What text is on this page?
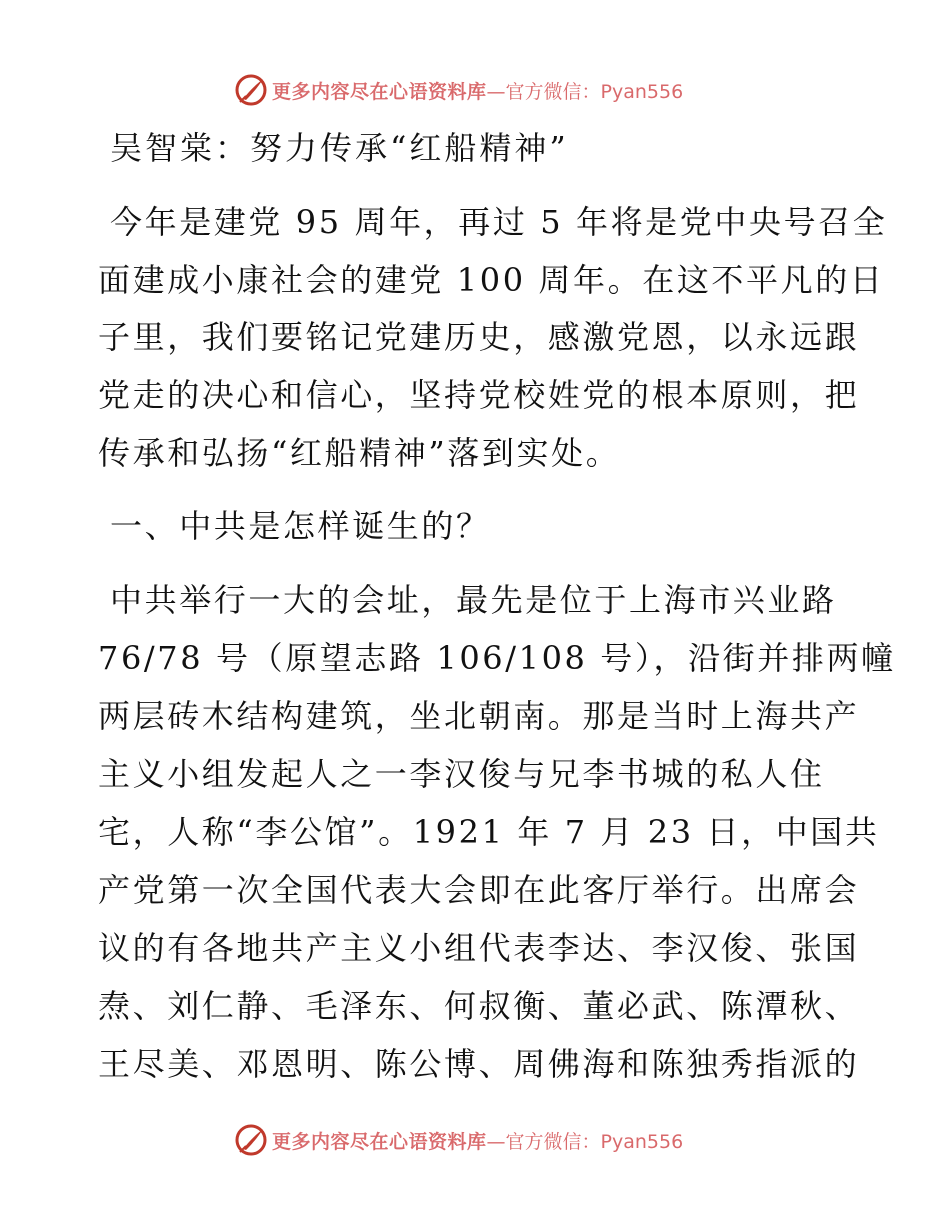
更多内容尽在心语资料库 —官方微信：Pyan556
吴智棠：努力传承“红船精神”
今年是建党 95 周年，再过 5 年将是党中央号召全
面建成小康社会的建党 100 周年。在这不平凡的日
子里，我们要铭记党建历史，感激党恩，以永远跟
党走的决心和信心，坚持党校姓党的根本原则，把
传承和弘扬“红船精神”落到实处。
一、中共是怎样诞生的？
中共举行一大的会址，最先是位于上海市兴业路
76/78 号（原望志路 106/108 号），沿街并排两幢
两层砖木结构建筑，坐北朝南。那是当时上海共产
主义小组发起人之一李汉俊与兄李书城的私人住
宅，人称“李公馆”。1921 年 7 月 23 日，中国共
产党第一次全国代表大会即在此客厅举行。出席会
议的有各地共产主义小组代表李达、李汉俊、张国
焘、刘仁静、毛泽东、何叔衡、董必武、陈潭秋、
王尽美、邓恩明、陈公博、周佛海和陈独秀指派的
更多内容尽在心语资料库 —官方微信：Pyan556
